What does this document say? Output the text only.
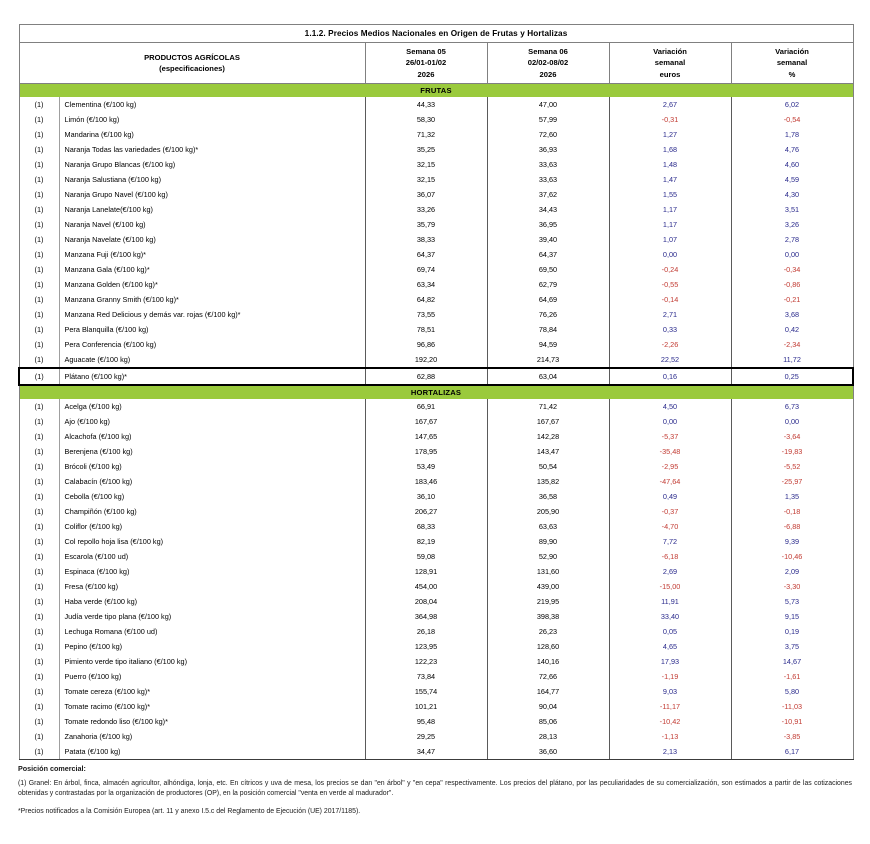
1.1.2. Precios Medios Nacionales en Origen de Frutas y Hortalizas					

PRODUCTOS AGRÍCOLAS
(especificaciones)

Semana 05
26/01-01/02
2026

Semana 06
02/02-08/02
2026

Variación
semanal
euros

Variación
semanal
%

FRUTAS					
(1)	Clementina (€/100 kg)	44,33	47,00	2,67	6,02
(1)	Limón (€/100 kg)	58,30	57,99	-0,31	-0,54
(1)	Mandarina (€/100 kg)	71,32	72,60	1,27	1,78
(1)	Naranja Todas las variedades (€/100 kg)*	35,25	36,93	1,68	4,76
(1)	Naranja Grupo Blancas (€/100 kg)	32,15	33,63	1,48	4,60
(1)	Naranja Salustiana (€/100 kg)	32,15	33,63	1,47	4,59
(1)	Naranja Grupo Navel (€/100 kg)	36,07	37,62	1,55	4,30
(1)	Naranja Lanelate(€/100 kg)	33,26	34,43	1,17	3,51
(1)	Naranja Navel (€/100 kg)	35,79	36,95	1,17	3,26
(1)	Naranja Navelate (€/100 kg)	38,33	39,40	1,07	2,78
(1)	Manzana Fuji (€/100 kg)*	64,37	64,37	0,00	0,00
(1)	Manzana Gala (€/100 kg)*	69,74	69,50	-0,24	-0,34
(1)	Manzana Golden (€/100 kg)*	63,34	62,79	-0,55	-0,86
(1)	Manzana Granny Smith (€/100 kg)*	64,82	64,69	-0,14	-0,21
(1)	Manzana Red Delicious y demás var. rojas (€/100 kg)*	73,55	76,26	2,71	3,68
(1)	Pera Blanquilla (€/100 kg)	78,51	78,84	0,33	0,42
(1)	Pera Conferencia (€/100 kg)	96,86	94,59	-2,26	-2,34
(1)	Aguacate (€/100 kg)	192,20	214,73	22,52	11,72
(1)	Plátano (€/100 kg)*	62,88	63,04	0,16	0,25
HORTALIZAS					
(1)	Acelga (€/100 kg)	66,91	71,42	4,50	6,73
(1)	Ajo (€/100 kg)	167,67	167,67	0,00	0,00
(1)	Alcachofa (€/100 kg)	147,65	142,28	-5,37	-3,64
(1)	Berenjena (€/100 kg)	178,95	143,47	-35,48	-19,83
(1)	Brócoli (€/100 kg)	53,49	50,54	-2,95	-5,52
(1)	Calabacín (€/100 kg)	183,46	135,82	-47,64	-25,97
(1)	Cebolla (€/100 kg)	36,10	36,58	0,49	1,35
(1)	Champiñón (€/100 kg)	206,27	205,90	-0,37	-0,18
(1)	Coliflor (€/100 kg)	68,33	63,63	-4,70	-6,88
(1)	Col repollo hoja lisa (€/100 kg)	82,19	89,90	7,72	9,39
(1)	Escarola (€/100 ud)	59,08	52,90	-6,18	-10,46
(1)	Espinaca (€/100 kg)	128,91	131,60	2,69	2,09
(1)	Fresa (€/100 kg)	454,00	439,00	-15,00	-3,30
(1)	Haba verde (€/100 kg)	208,04	219,95	11,91	5,73
(1)	Judía verde tipo plana (€/100 kg)	364,98	398,38	33,40	9,15
(1)	Lechuga Romana (€/100 ud)	26,18	26,23	0,05	0,19
(1)	Pepino (€/100 kg)	123,95	128,60	4,65	3,75
(1)	Pimiento verde tipo italiano (€/100 kg)	122,23	140,16	17,93	14,67
(1)	Puerro (€/100 kg)	73,84	72,66	-1,19	-1,61
(1)	Tomate cereza (€/100 kg)*	155,74	164,77	9,03	5,80
(1)	Tomate racimo (€/100 kg)*	101,21	90,04	-11,17	-11,03
(1)	Tomate redondo liso (€/100 kg)*	95,48	85,06	-10,42	-10,91
(1)	Zanahoria (€/100 kg)	29,25	28,13	-1,13	-3,85
(1)	Patata (€/100 kg)	34,47	36,60	2,13	6,17
Posición comercial:

(1) Granel: En árbol, finca, almacén agricultor, alhóndiga, lonja, etc. En cítricos y uva de mesa, los precios se dan "en árbol" y "en cepa" respectivamente. Los precios del plátano, por las peculiaridades de su comercialización, son estimados a partir de las cotizaciones obtenidas y contrastadas por la organización de productores (OP), en la posición comercial "venta en verde al madurador".

*Precios notificados a la Comisión Europea (art. 11 y anexo I.5.c del Reglamento de Ejecución (UE) 2017/1185).
